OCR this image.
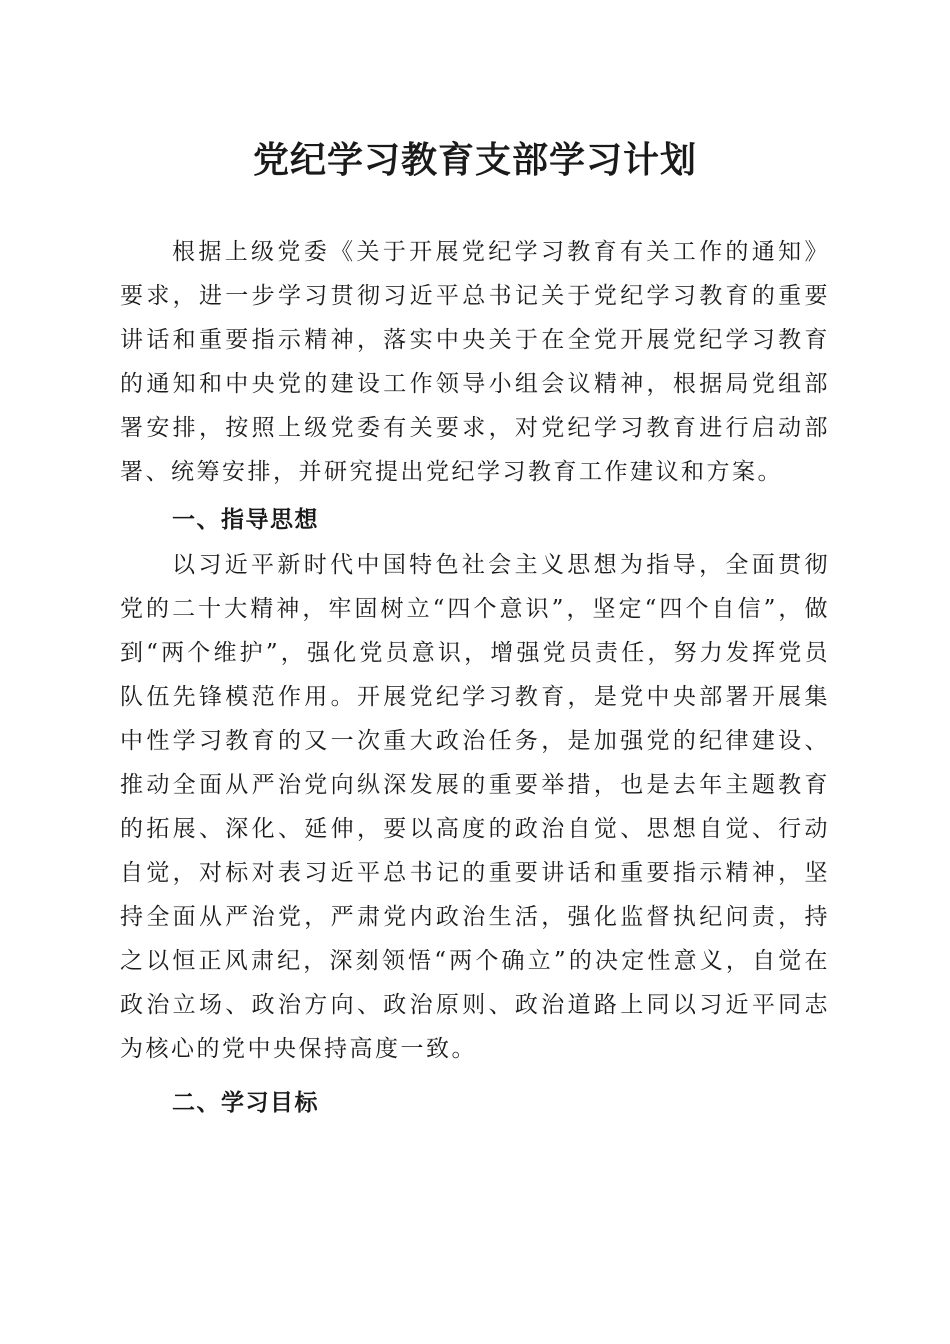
党纪学习教育支部学习计划

根据上级党委《关于开展党纪学习教育有关工作的通知》要求，进一步学习贯彻习近平总书记关于党纪学习教育的重要讲话和重要指示精神，落实中央关于在全党开展党纪学习教育的通知和中央党的建设工作领导小组会议精神，根据局党组部署安排，按照上级党委有关要求，对党纪学习教育进行启动部署、统筹安排，并研究提出党纪学习教育工作建议和方案。

一、指导思想

以习近平新时代中国特色社会主义思想为指导，全面贯彻党的二十大精神，牢固树立“四个意识”，坚定“四个自信”，做到“两个维护”，强化党员意识，增强党员责任，努力发挥党员队伍先锋模范作用。开展党纪学习教育，是党中央部署开展集中性学习教育的又一次重大政治任务，是加强党的纪律建设、推动全面从严治党向纵深发展的重要举措，也是去年主题教育的拓展、深化、延伸，要以高度的政治自觉、思想自觉、行动自觉，对标对表习近平总书记的重要讲话和重要指示精神，坚持全面从严治党，严肃党内政治生活，强化监督执纪问责，持之以恒正风肃纪，深刻领悟“两个确立”的决定性意义，自觉在政治立场、政治方向、政治原则、政治道路上同以习近平同志为核心的党中央保持高度一致。

二、学习目标
